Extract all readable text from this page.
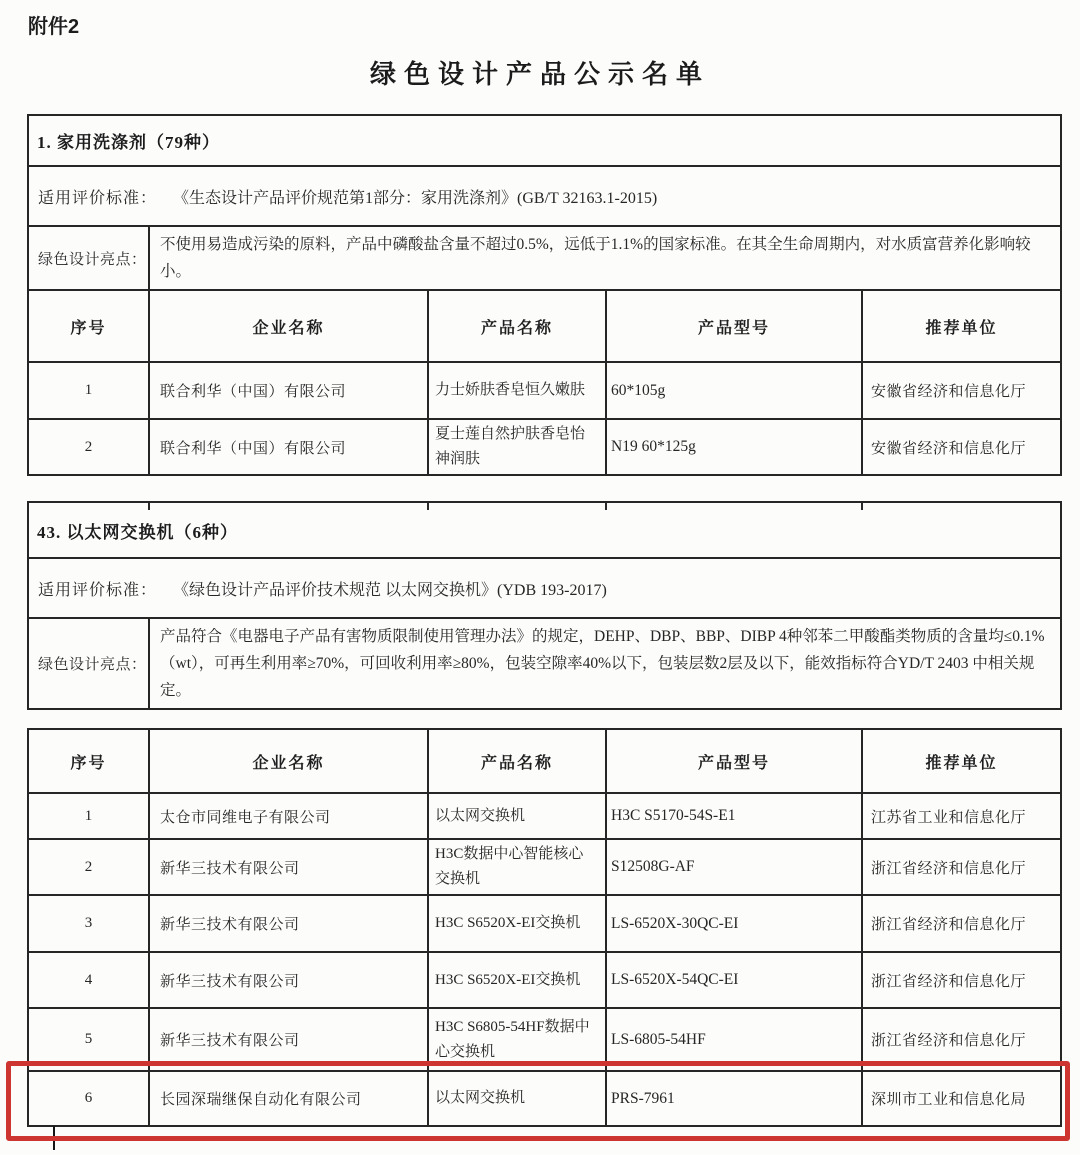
附件2
绿色设计产品公示名单
1. 家用洗涤剂（79种）				
适用评价标准： 《生态设计产品评价规范第1部分：家用洗涤剂》(GB/T 32163.1-2015)				
绿色设计亮点：	不使用易造成污染的原料，产品中磷酸盐含量不超过0.5%，远低于1.1%的国家标准。在其全生命周期内，对水质富营养化影响较小。			
序号	企业名称	产品名称	产品型号	推荐单位
1	联合利华（中国）有限公司	力士娇肤香皂恒久嫩肤	60*105g	安徽省经济和信息化厅
2	联合利华（中国）有限公司	夏士莲自然护肤香皂怡神润肤	N19 60*125g	安徽省经济和信息化厅
43. 以太网交换机（6种）
适用评价标准： 《绿色设计产品评价技术规范 以太网交换机》(YDB 193-2017)
绿色设计亮点：	产品符合《电器电子产品有害物质限制使用管理办法》的规定，DEHP、DBP、BBP、DIBP 4种邻苯二甲酸酯类物质的含量均≤0.1%（wt），可再生利用率≥70%，可回收利用率≥80%，包装空隙率40%以下，包装层数2层及以下，能效指标符合YD/T 2403 中相关规定。
序号	企业名称	产品名称	产品型号	推荐单位
1	太仓市同维电子有限公司	以太网交换机	H3C S5170-54S-E1	江苏省工业和信息化厅
2	新华三技术有限公司	H3C数据中心智能核心交换机	S12508G-AF	浙江省经济和信息化厅
3	新华三技术有限公司	H3C S6520X-EI交换机	LS-6520X-30QC-EI	浙江省经济和信息化厅
4	新华三技术有限公司	H3C S6520X-EI交换机	LS-6520X-54QC-EI	浙江省经济和信息化厅
5	新华三技术有限公司	H3C S6805-54HF数据中心交换机	LS-6805-54HF	浙江省经济和信息化厅
6	长园深瑞继保自动化有限公司	以太网交换机	PRS-7961	深圳市工业和信息化局
